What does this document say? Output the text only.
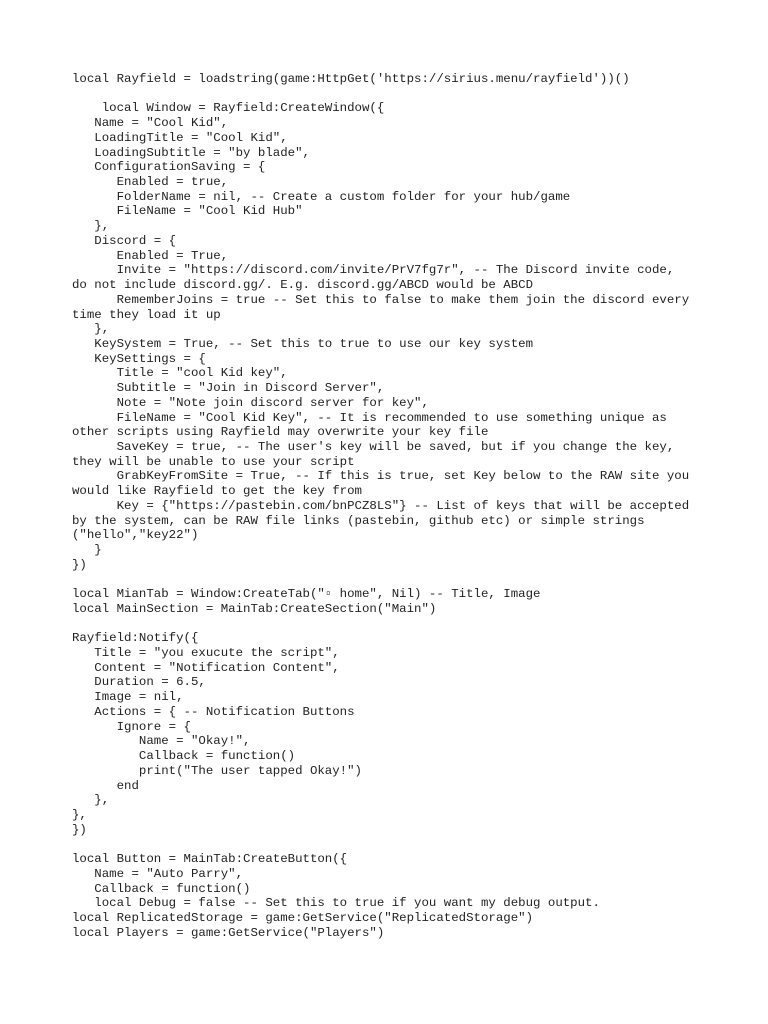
local Rayfield = loadstring(game:HttpGet('https://sirius.menu/rayfield'))()
local Window = Rayfield:CreateWindow({
Name = "Cool Kid",
LoadingTitle = "Cool Kid",
LoadingSubtitle = "by blade",
ConfigurationSaving = {
Enabled = true,
FolderName = nil, -- Create a custom folder for your hub/game
FileName = "Cool Kid Hub"
},
Discord = {
Enabled = True,
Invite = "https://discord.com/invite/PrV7fg7r", -- The Discord invite code,
do not include discord.gg/. E.g. discord.gg/ABCD would be ABCD
RememberJoins = true -- Set this to false to make them join the discord every
time they load it up
},
KeySystem = True, -- Set this to true to use our key system
KeySettings = {
Title = "cool Kid key",
Subtitle = "Join in Discord Server",
Note = "Note join discord server for key",
FileName = "Cool Kid Key", -- It is recommended to use something unique as
other scripts using Rayfield may overwrite your key file
SaveKey = true, -- The user's key will be saved, but if you change the key,
they will be unable to use your script
GrabKeyFromSite = True, -- If this is true, set Key below to the RAW site you
would like Rayfield to get the key from
Key = {"https://pastebin.com/bnPCZ8LS"} -- List of keys that will be accepted
by the system, can be RAW file links (pastebin, github etc) or simple strings
("hello","key22")
}
})
local MianTab = Window:CreateTab("▫ home", Nil) -- Title, Image
local MainSection = MainTab:CreateSection("Main")
Rayfield:Notify({
Title = "you exucute the script",
Content = "Notification Content",
Duration = 6.5,
Image = nil,
Actions = { -- Notification Buttons
Ignore = {
Name = "Okay!",
Callback = function()
print("The user tapped Okay!")
end
},
},
})
local Button = MainTab:CreateButton({
Name = "Auto Parry",
Callback = function()
local Debug = false -- Set this to true if you want my debug output.
local ReplicatedStorage = game:GetService("ReplicatedStorage")
local Players = game:GetService("Players")
